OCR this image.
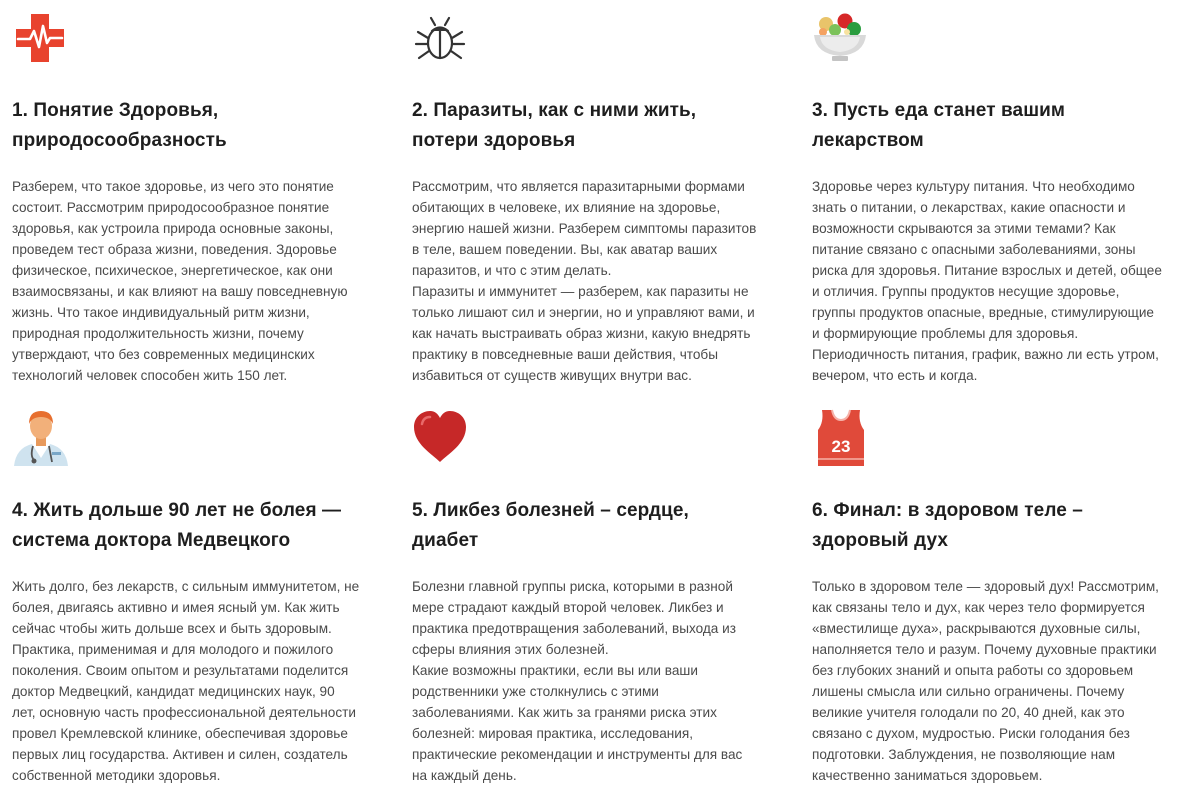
1. Понятие Здоровья,
природосообразность

Разберем, что такое здоровье, из чего это понятие
состоит. Рассмотрим природосообразное понятие
здоровья, как устроила природа основные законы,
проведем тест образа жизни, поведения. Здоровье
физическое, психическое, энергетическое, как они
взаимосвязаны, и как влияют на вашу повседневную
жизнь. Что такое индивидуальный ритм жизни,
природная продолжительность жизни, почему
утверждают, что без современных медицинских
технологий человек способен жить 150 лет.

2. Паразиты, как с ними жить,
потери здоровья

Рассмотрим, что является паразитарными формами
обитающих в человеке, их влияние на здоровье,
энергию нашей жизни. Разберем симптомы паразитов
в теле, вашем поведении. Вы, как аватар ваших
паразитов, и что с этим делать.
Паразиты и иммунитет — разберем, как паразиты не
только лишают сил и энергии, но и управляют вами, и
как начать выстраивать образ жизни, какую внедрять
практику в повседневные ваши действия, чтобы
избавиться от существ живущих внутри вас.

3. Пусть еда станет вашим
лекарством

Здоровье через культуру питания. Что необходимо
знать о питании, о лекарствах, какие опасности и
возможности скрываются за этими темами? Как
питание связано с опасными заболеваниями, зоны
риска для здоровья. Питание взрослых и детей, общее
и отличия. Группы продуктов несущие здоровье,
группы продуктов опасные, вредные, стимулирующие
и формирующие проблемы для здоровья.
Периодичность питания, график, важно ли есть утром,
вечером, что есть и когда.

4. Жить дольше 90 лет не болея —
система доктора Медвецкого

Жить долго, без лекарств, с сильным иммунитетом, не
болея, двигаясь активно и имея ясный ум. Как жить
сейчас чтобы жить дольше всех и быть здоровым.
Практика, применимая и для молодого и пожилого
поколения. Своим опытом и результатами поделится
доктор Медвецкий, кандидат медицинских наук, 90
лет, основную часть профессиональной деятельности
провел Кремлевской клинике, обеспечивая здоровье
первых лиц государства. Активен и силен, создатель
собственной методики здоровья.

5. Ликбез болезней – сердце,
диабет

Болезни главной группы риска, которыми в разной
мере страдают каждый второй человек. Ликбез и
практика предотвращения заболеваний, выхода из
сферы влияния этих болезней.
Какие возможны практики, если вы или ваши
родственники уже столкнулись с этими
заболеваниями. Как жить за гранями риска этих
болезней: мировая практика, исследования,
практические рекомендации и инструменты для вас
на каждый день.

23
6. Финал: в здоровом теле –
здоровый дух

Только в здоровом теле — здоровый дух! Рассмотрим,
как связаны тело и дух, как через тело формируется
«вместилище духа», раскрываются духовные силы,
наполняется тело и разум. Почему духовные практики
без глубоких знаний и опыта работы со здоровьем
лишены смысла или сильно ограничены. Почему
великие учителя голодали по 20, 40 дней, как это
связано с духом, мудростью. Риски голодания без
подготовки. Заблуждения, не позволяющие нам
качественно заниматься здоровьем.
